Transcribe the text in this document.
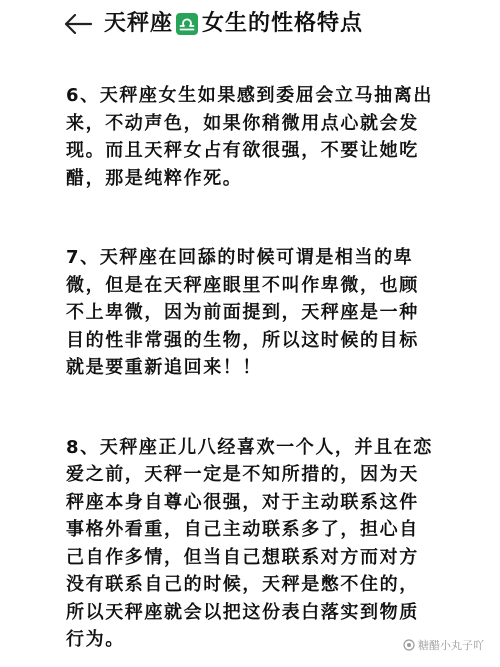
天秤座 女生的性格特点

6、天秤座女生如果感到委屈会立马抽离出来，不动声色，如果你稍微用点心就会发现。而且天秤女占有欲很强，不要让她吃醋，那是纯粹作死。

7、天秤座在回舔的时候可谓是相当的卑微，但是在天秤座眼里不叫作卑微，也顾不上卑微，因为前面提到，天秤座是一种目的性非常强的生物，所以这时候的目标就是要重新追回来！！

8、天秤座正儿八经喜欢一个人，并且在恋爱之前，天秤一定是不知所措的，因为天秤座本身自尊心很强，对于主动联系这件事格外看重，自己主动联系多了，担心自己自作多情，但当自己想联系对方而对方没有联系自己的时候，天秤是憋不住的，所以天秤座就会以把这份表白落实到物质行为。	糖醋小丸子吖
